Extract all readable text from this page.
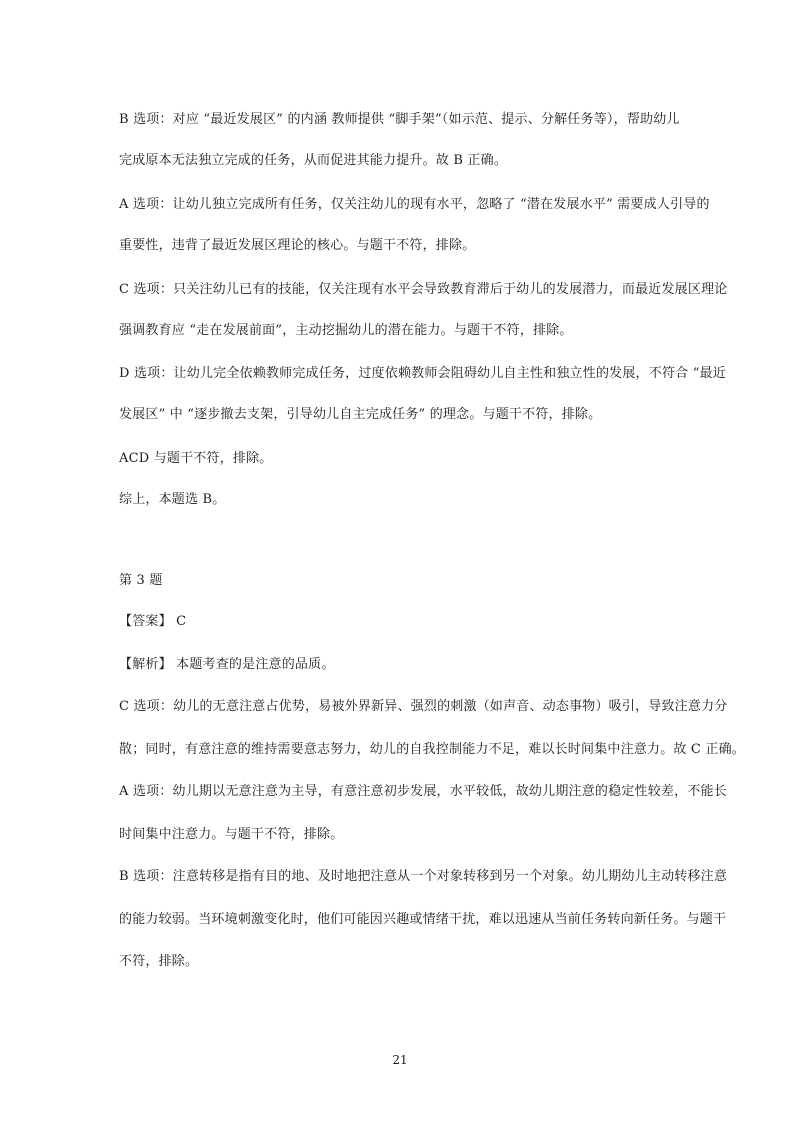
B 选项：对应 “最近发展区” 的内涵 教师提供 “脚手架”（如示范、提示、分解任务等），帮助幼儿
完成原本无法独立完成的任务，从而促进其能力提升。故 B 正确。
A 选项：让幼儿独立完成所有任务，仅关注幼儿的现有水平，忽略了 “潜在发展水平” 需要成人引导的
重要性，违背了最近发展区理论的核心。与题干不符，排除。
C 选项：只关注幼儿已有的技能，仅关注现有水平会导致教育滞后于幼儿的发展潜力，而最近发展区理论
强调教育应 “走在发展前面”，主动挖掘幼儿的潜在能力。与题干不符，排除。
D 选项：让幼儿完全依赖教师完成任务，过度依赖教师会阻碍幼儿自主性和独立性的发展，不符合 “最近
发展区” 中 “逐步撤去支架，引导幼儿自主完成任务” 的理念。与题干不符，排除。
ACD 与题干不符，排除。
综上，本题选 B。
第 3 题
【答案】 C
【解析】 本题考查的是注意的品质。
C 选项：幼儿的无意注意占优势，易被外界新异、强烈的刺激（如声音、动态事物）吸引，导致注意力分
散；同时，有意注意的维持需要意志努力，幼儿的自我控制能力不足，难以长时间集中注意力。故 C 正确。
A 选项：幼儿期以无意注意为主导，有意注意初步发展，水平较低，故幼儿期注意的稳定性较差，不能长
时间集中注意力。与题干不符，排除。
B 选项：注意转移是指有目的地、及时地把注意从一个对象转移到另一个对象。幼儿期幼儿主动转移注意
的能力较弱。当环境刺激变化时，他们可能因兴趣或情绪干扰，难以迅速从当前任务转向新任务。与题干
不符，排除。
21
